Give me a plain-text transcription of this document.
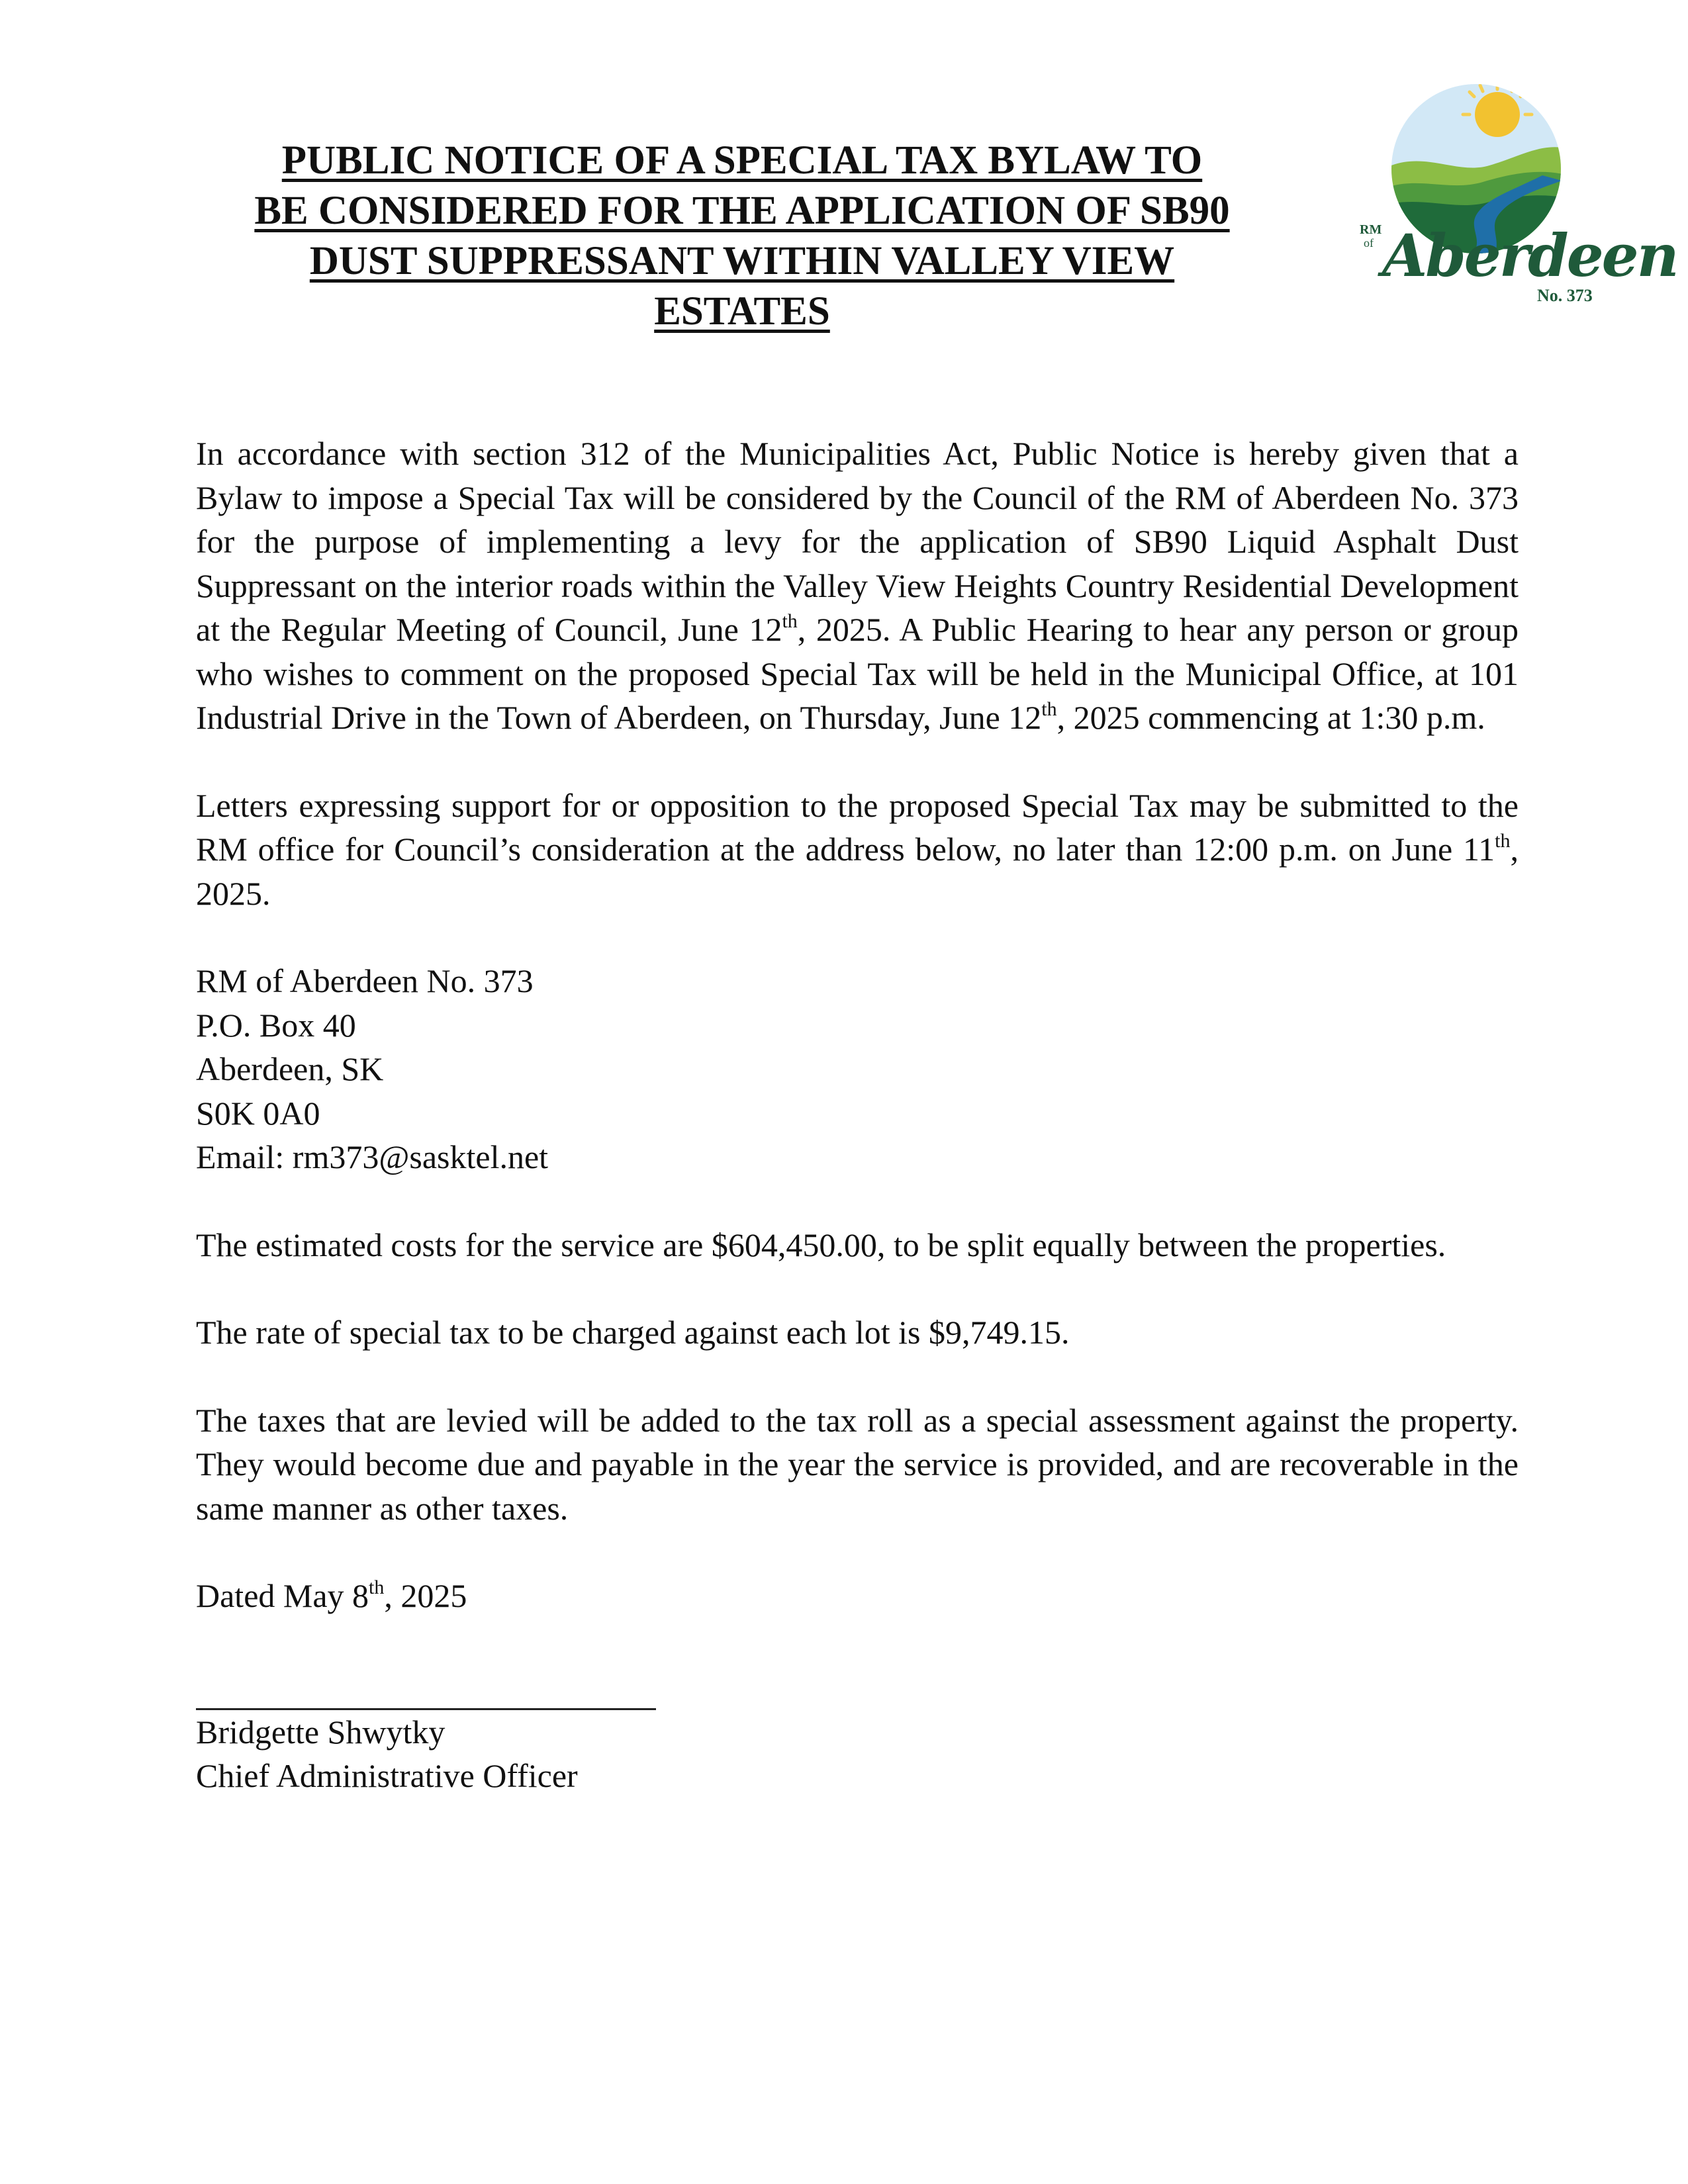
PUBLIC NOTICE OF A SPECIAL TAX BYLAW TO
BE CONSIDERED FOR THE APPLICATION OF SB90
DUST SUPPRESSANT WITHIN VALLEY VIEW
ESTATES
RM
of Aberdeen
No. 373

In accordance with section 312 of the Municipalities Act, Public Notice is hereby given that a Bylaw to impose a Special Tax will be considered by the Council of the RM of Aberdeen No. 373 for the purpose of implementing a levy for the application of SB90 Liquid Asphalt Dust Suppressant on the interior roads within the Valley View Heights Country Residential Development at the Regular Meeting of Council, June 12th, 2025. A Public Hearing to hear any person or group who wishes to comment on the proposed Special Tax will be held in the Municipal Office, at 101 Industrial Drive in the Town of Aberdeen, on Thursday, June 12th, 2025 commencing at 1:30 p.m.

Letters expressing support for or opposition to the proposed Special Tax may be submitted to the RM office for Council’s consideration at the address below, no later than 12:00 p.m. on June 11th, 2025.

RM of Aberdeen No. 373

P.O. Box 40

Aberdeen, SK

S0K 0A0

Email: rm373@sasktel.net

The estimated costs for the service are $604,450.00, to be split equally between the properties.

The rate of special tax to be charged against each lot is $9,749.15.

The taxes that are levied will be added to the tax roll as a special assessment against the property. They would become due and payable in the year the service is provided, and are recoverable in the same manner as other taxes.

Dated May 8th, 2025

Bridgette Shwytky

Chief Administrative Officer
